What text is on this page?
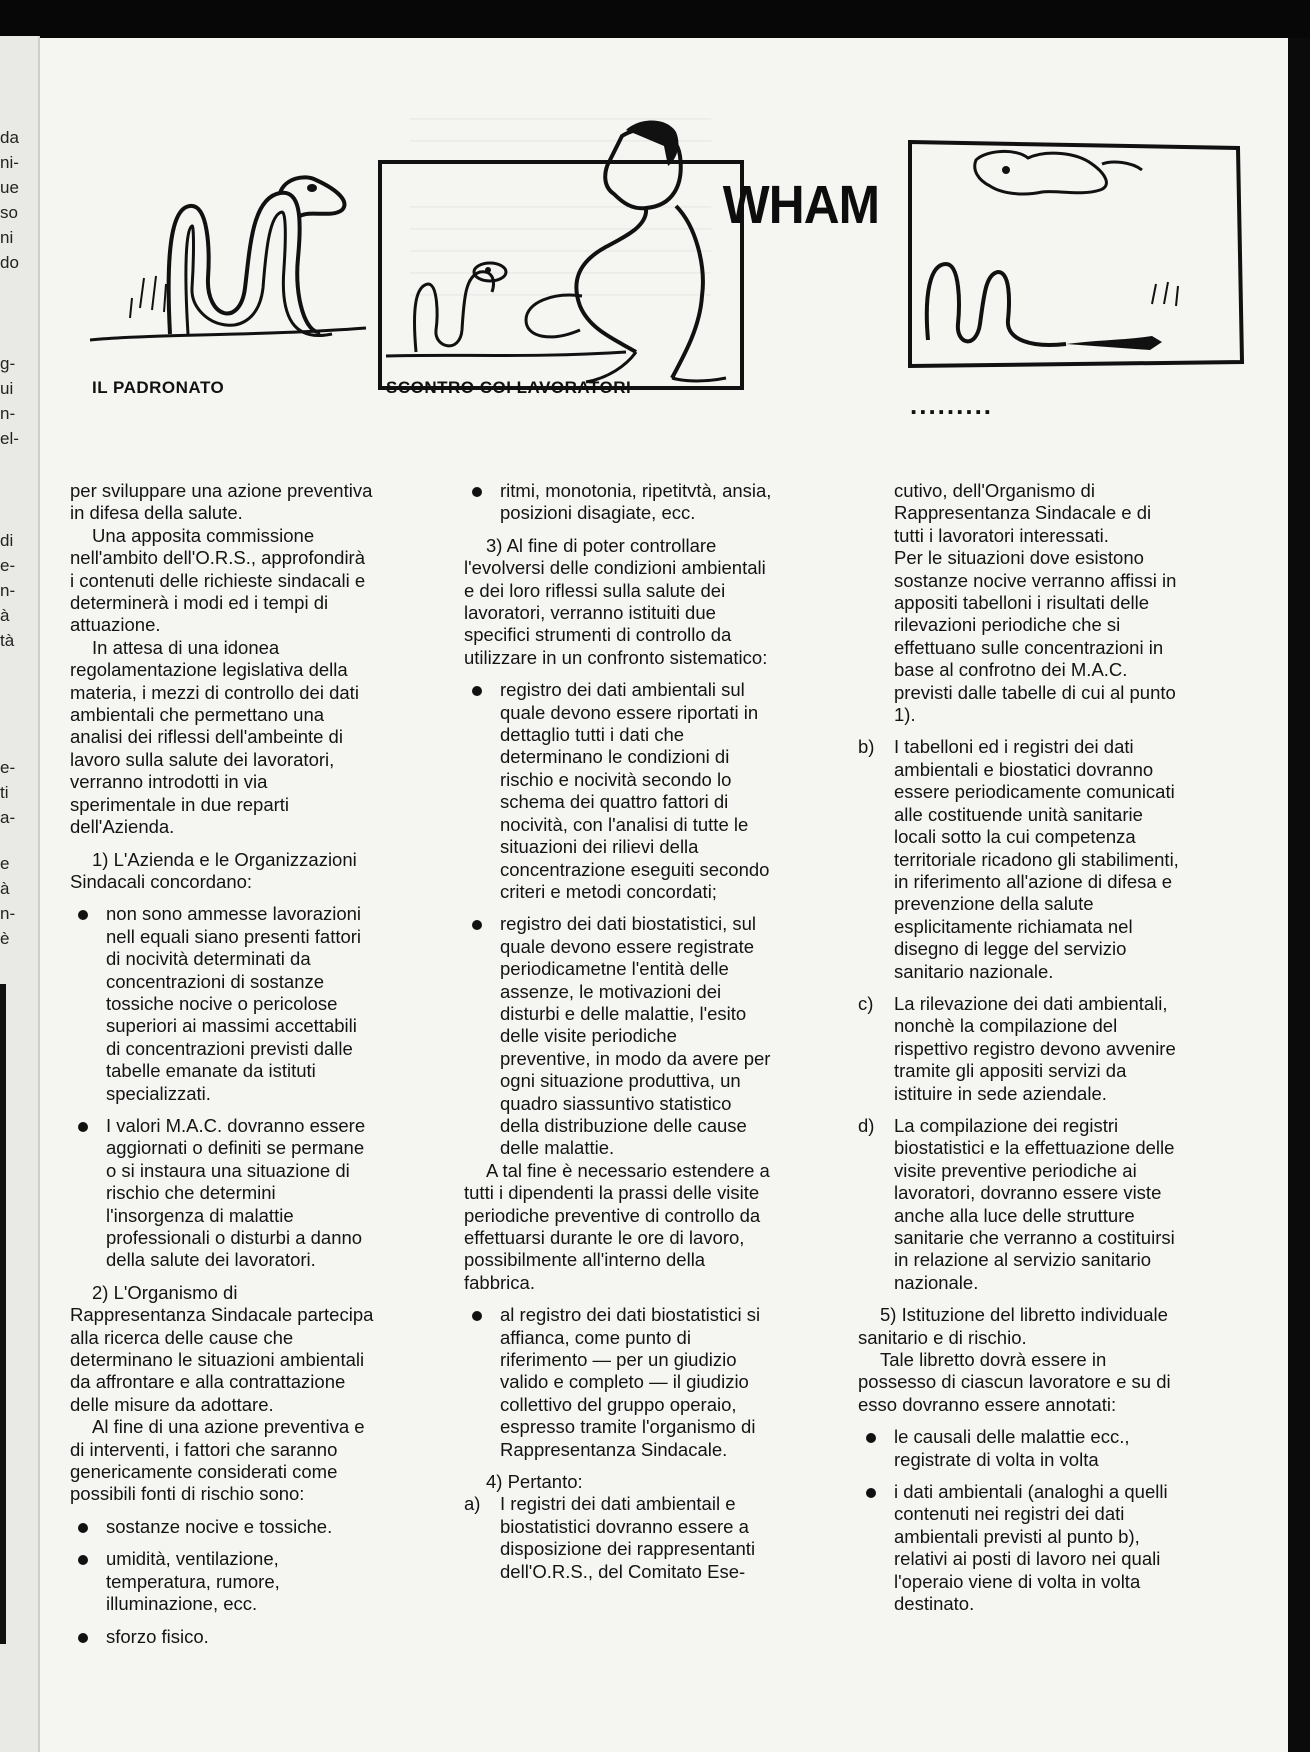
da
ni-
ue
so
ni
do
g-
ui
n-
el-
di
e-
n-
à
tà
e-
ti
a-
e
à
n-
è
─────────────────────────
─────────────────────────
─────────────────────────

─────────────────────────
─────────────────────────
─────────────────────────
─────────────────────────
─────────────────────────
WHAM
IL PADRONATO	SCONTRO COI LAVORATORI
.........

per sviluppare una azione preventiva in difesa della salute.

Una apposita commissione nell'ambito dell'O.R.S., approfondirà i contenuti delle richieste sindacali e determinerà i modi ed i tempi di attuazione.

In attesa di una idonea regolamentazione legislativa della materia, i mezzi di controllo dei dati ambientali che permettano una analisi dei riflessi dell'ambeinte di lavoro sulla salute dei lavoratori, verranno introdotti in via sperimentale in due reparti dell'Azienda.

1) L'Azienda e le Organizzazioni Sindacali concordano:

non sono ammesse lavorazioni nell equali siano presenti fattori di nocività determinati da concentrazioni di sostanze tossiche nocive o pericolose superiori ai massimi accettabili di concentrazioni previsti dalle tabelle emanate da istituti specializzati.

I valori M.A.C. dovranno essere aggiornati o definiti se permane o si instaura una situazione di rischio che determini l'insorgenza di malattie professionali o disturbi a danno della salute dei lavoratori.

2) L'Organismo di Rappresentanza Sindacale partecipa alla ricerca delle cause che determinano le situazioni ambientali da affrontare e alla contrattazione delle misure da adottare.

Al fine di una azione preventiva e di interventi, i fattori che saranno genericamente considerati come possibili fonti di rischio sono:

sostanze nocive e tossiche.

umidità, ventilazione, temperatura, rumore, illuminazione, ecc.

sforzo fisico.

ritmi, monotonia, ripetitvtà, ansia, posizioni disagiate, ecc.

3) Al fine di poter controllare l'evolversi delle condizioni ambientali e dei loro riflessi sulla salute dei lavoratori, verranno istituiti due specifici strumenti di controllo da utilizzare in un confronto sistematico:

registro dei dati ambientali sul quale devono essere riportati in dettaglio tutti i dati che determinano le condizioni di rischio e nocività secondo lo schema dei quattro fattori di nocività, con l'analisi di tutte le situazioni dei rilievi della concentrazione eseguiti secondo criteri e metodi concordati;

registro dei dati biostatistici, sul quale devono essere registrate periodicametne l'entità delle assenze, le motivazioni dei disturbi e delle malattie, l'esito delle visite periodiche preventive, in modo da avere per ogni situazione produttiva, un quadro siassuntivo statistico della distribuzione delle cause delle malattie.

A tal fine è necessario estendere a tutti i dipendenti la prassi delle visite periodiche preventive di controllo da effettuarsi durante le ore di lavoro, possibilmente all'interno della fabbrica.

al registro dei dati biostatistici si affianca, come punto di riferimento — per un giudizio valido e completo — il giudizio collettivo del gruppo operaio, espresso tramite l'organismo di Rappresentanza Sindacale.

4) Pertanto:

a) I registri dei dati ambientail e biostatistici dovranno essere a disposizione dei rappresentanti dell'O.R.S., del Comitato Ese-

cutivo, dell'Organismo di Rappresentanza Sindacale e di tutti i lavoratori interessati.

Per le situazioni dove esistono sostanze nocive verranno affissi in appositi tabelloni i risultati delle rilevazioni periodiche che si effettuano sulle concentrazioni in base al confrotno dei M.A.C. previsti dalle tabelle di cui al punto 1).

b) I tabelloni ed i registri dei dati ambientali e biostatici dovranno essere periodicamente comunicati alle costituende unità sanitarie locali sotto la cui competenza territoriale ricadono gli stabilimenti, in riferimento all'azione di difesa e prevenzione della salute esplicitamente richiamata nel disegno di legge del servizio sanitario nazionale.

c) La rilevazione dei dati ambientali, nonchè la compilazione del rispettivo registro devono avvenire tramite gli appositi servizi da istituire in sede aziendale.

d) La compilazione dei registri biostatistici e la effettuazione delle visite preventive periodiche ai lavoratori, dovranno essere viste anche alla luce delle strutture sanitarie che verranno a costituirsi in relazione al servizio sanitario nazionale.

5) Istituzione del libretto individuale sanitario e di rischio.

Tale libretto dovrà essere in possesso di ciascun lavoratore e su di esso dovranno essere annotati:

le causali delle malattie ecc., registrate di volta in volta

i dati ambientali (analoghi a quelli contenuti nei registri dei dati ambientali previsti al punto b), relativi ai posti di lavoro nei quali l'operaio viene di volta in volta destinato.
